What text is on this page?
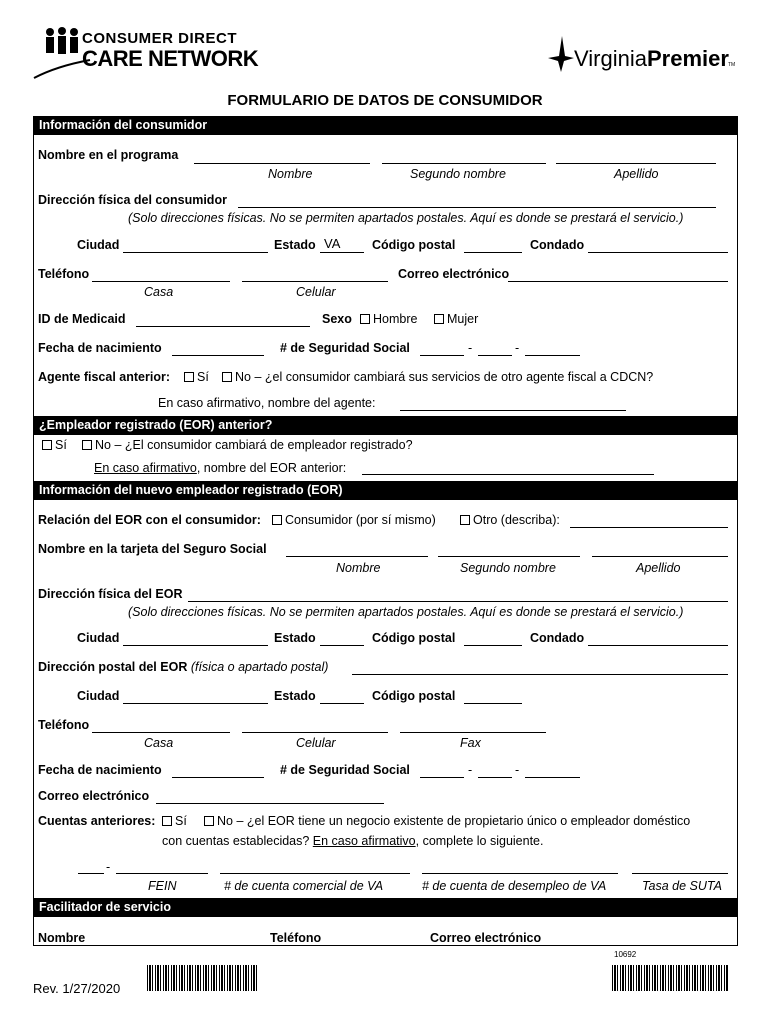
CONSUMER DIRECT
CARE NETWORK	VirginiaPremier TM
FORMULARIO DE DATOS DE CONSUMIDOR
Información del consumidor
Nombre en el programa
Nombre	Segundo nombre	Apellido
Dirección física del consumidor
(Solo direcciones físicas. No se permiten apartados postales. Aquí es donde se prestará el servicio.)
Ciudad	Estado VA	Código postal	Condado
Teléfono	Correo electrónico
Casa	Celular
ID de Medicaid	Sexo	Hombre	Mujer
Fecha de nacimiento	# de Seguridad Social	-	-
Agente fiscal anterior:	Sí	No – ¿el consumidor cambiará sus servicios de otro agente fiscal a CDCN?
En caso afirmativo, nombre del agente:
¿Empleador registrado (EOR) anterior?
Sí	No – ¿El consumidor cambiará de empleador registrado?
En caso afirmativo, nombre del EOR anterior:
Información del nuevo empleador registrado (EOR)
Relación del EOR con el consumidor:	Consumidor (por sí mismo)	Otro (describa):
Nombre en la tarjeta del Seguro Social
Nombre	Segundo nombre	Apellido
Dirección física del EOR
(Solo direcciones físicas. No se permiten apartados postales. Aquí es donde se prestará el servicio.)
Ciudad	Estado	Código postal	Condado
Dirección postal del EOR (física o apartado postal)
Ciudad	Estado	Código postal
Teléfono
Casa	Celular	Fax
Fecha de nacimiento	# de Seguridad Social	-	-
Correo electrónico
Cuentas anteriores:	Sí	No – ¿el EOR tiene un negocio existente de propietario único o empleador doméstico
con cuentas establecidas? En caso afirmativo, complete lo siguiente.
-
FEIN	# de cuenta comercial de VA	# de cuenta de desempleo de VA	Tasa de SUTA
Facilitador de servicio
Nombre	Teléfono	Correo electrónico
10692
Rev. 1/27/2020
